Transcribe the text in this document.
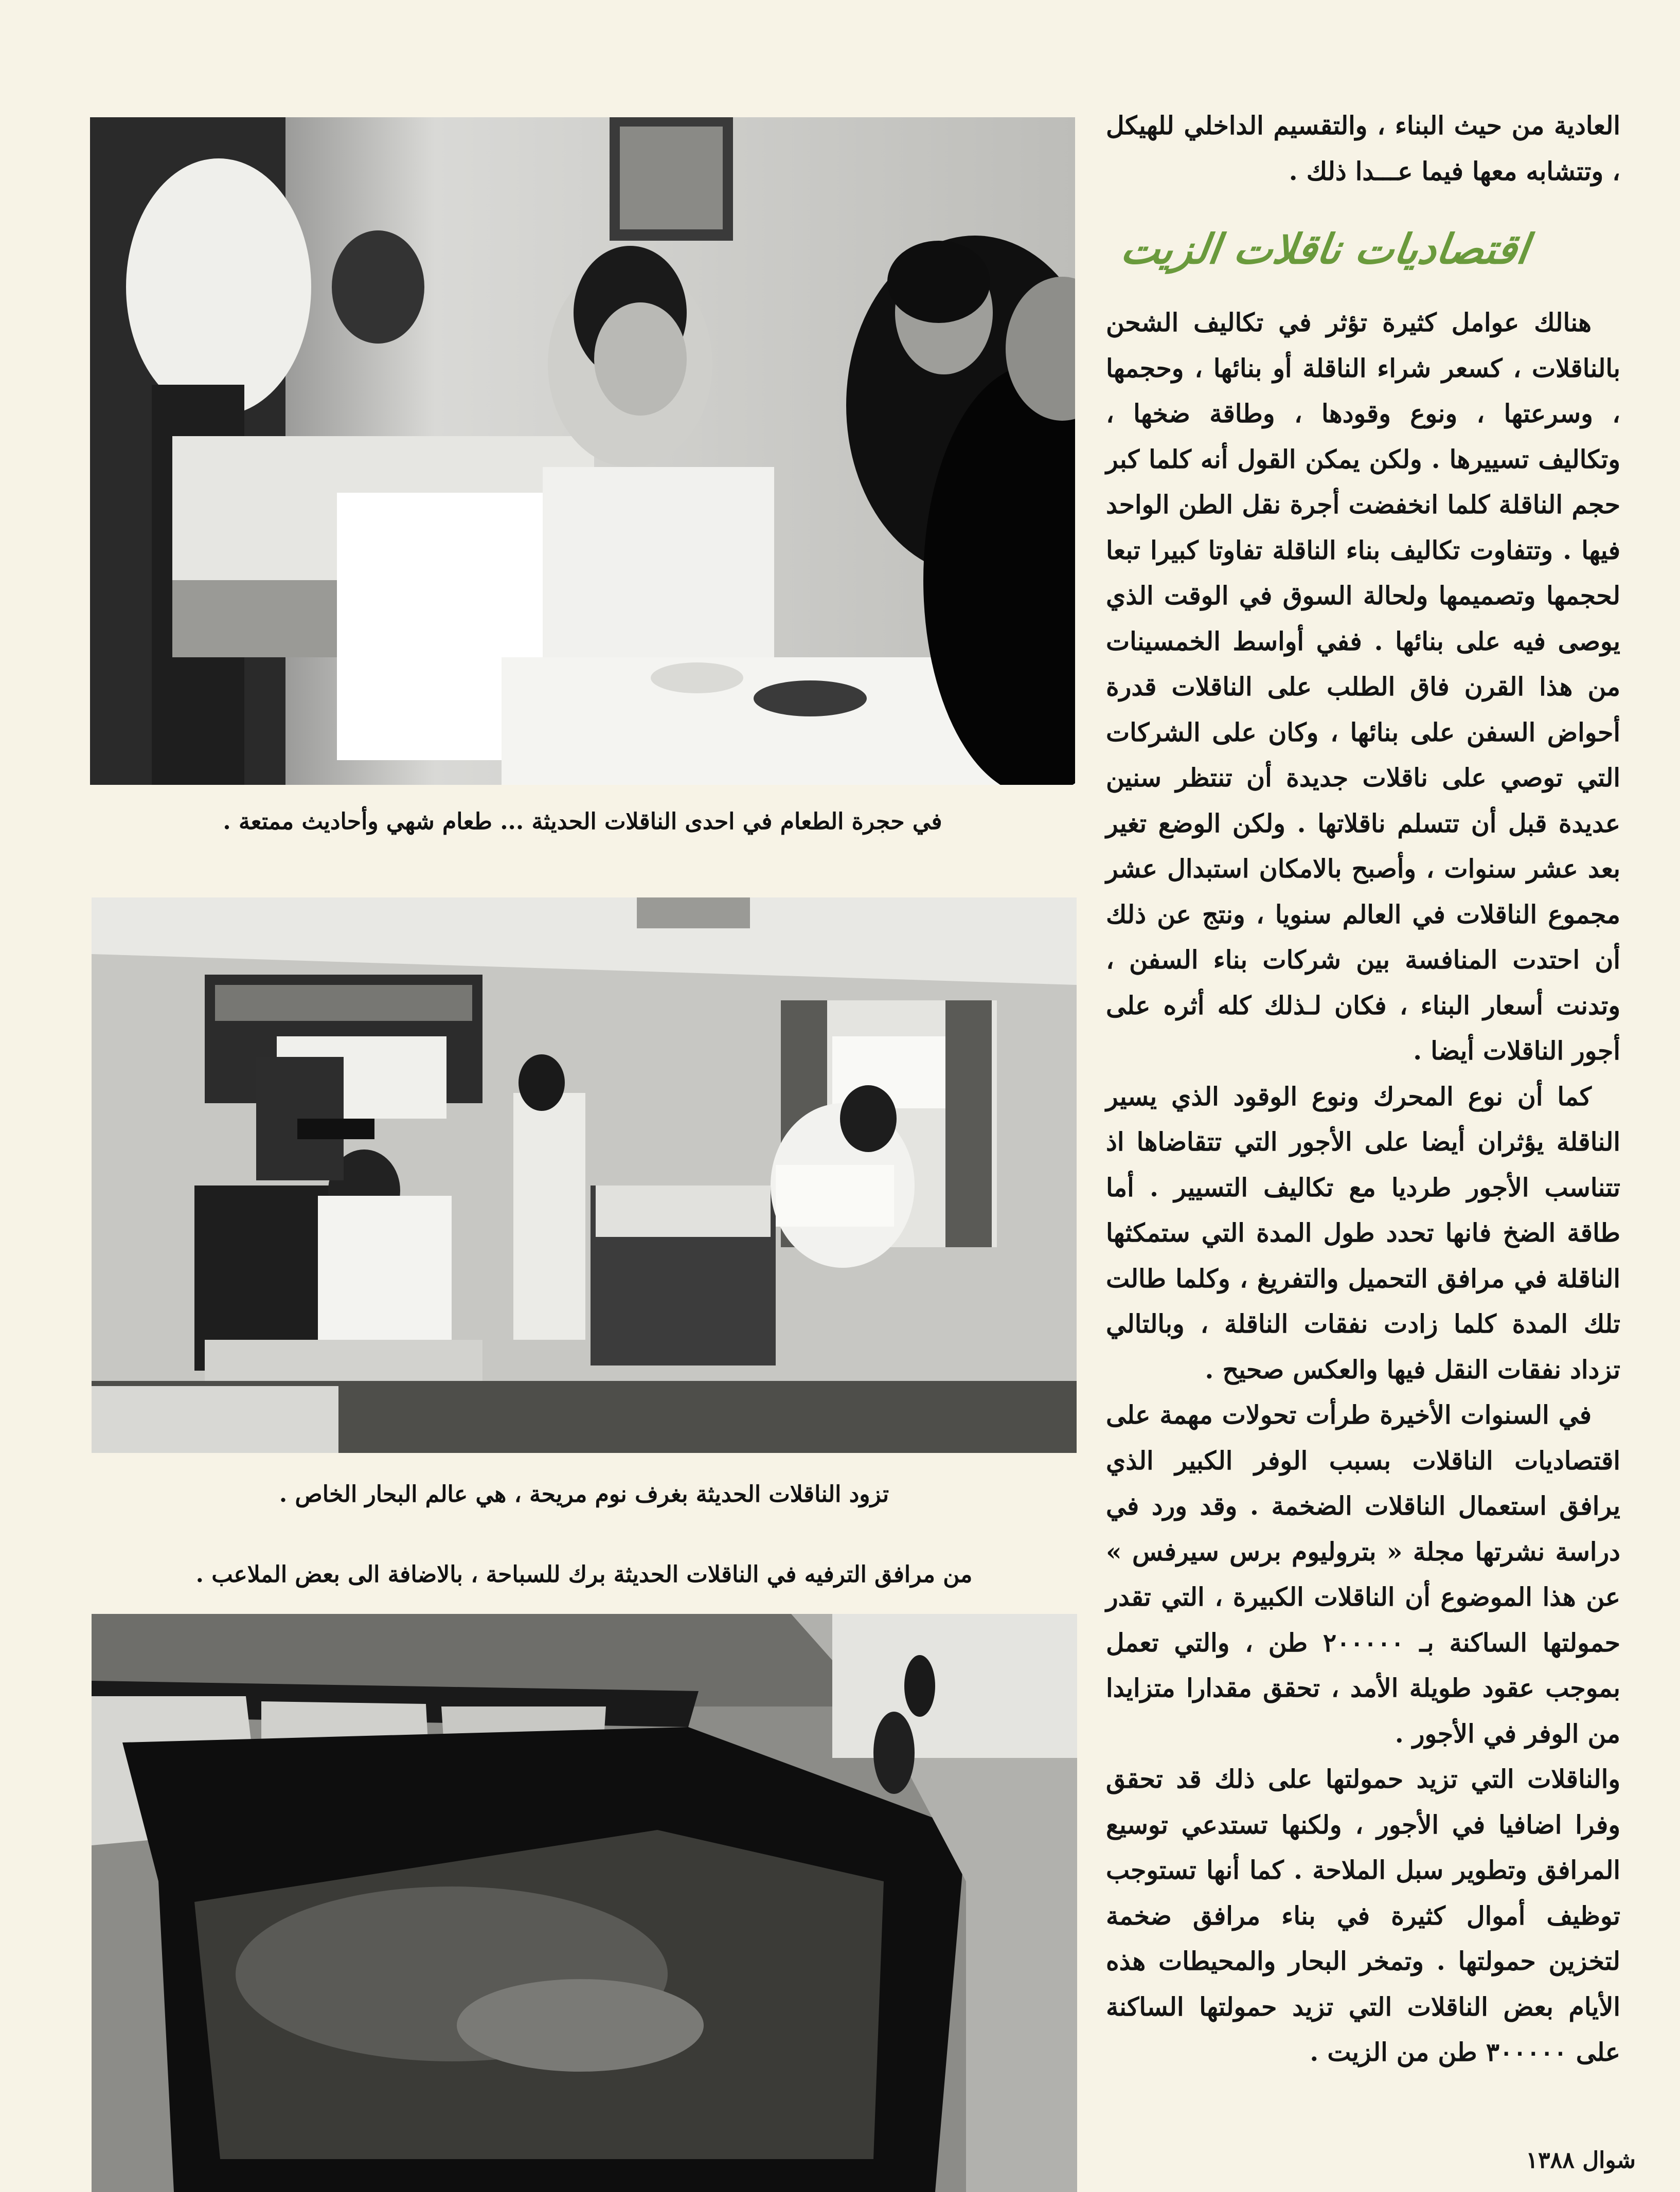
في حجرة الطعام في احدى الناقلات الحديثة ... طعام شهي وأحاديث ممتعة .
تزود الناقلات الحديثة بغرف نوم مريحة ، هي عالم البحار الخاص .
من مرافق الترفيه في الناقلات الحديثة برك للسباحة ، بالاضافة الى بعض الملاعب .

العادية من حيث البناء ، والتقسيم الداخلي للهيكل ، وتتشابه معها فيما عـــدا ذلك .

اقتصاديات ناقلات الزيت

هنالك عوامل كثيرة تؤثر في تكاليف الشحن بالناقلات ، كسعر شراء الناقلة أو بنائها ، وحجمها ، وسرعتها ، ونوع وقودها ، وطاقة ضخها ، وتكاليف تسييرها . ولكن يمكن القول أنه كلما كبر حجم الناقلة كلما انخفضت أجرة نقل الطن الواحد فيها . وتتفاوت تكاليف بناء الناقلة تفاوتا كبيرا تبعا لحجمها وتصميمها ولحالة السوق في الوقت الذي يوصى فيه على بنائها . ففي أواسط الخمسينات من هذا القرن فاق الطلب على الناقلات قدرة أحواض السفن على بنائها ، وكان على الشركات التي توصي على ناقلات جديدة أن تنتظر سنين عديدة قبل أن تتسلم ناقلاتها . ولكن الوضع تغير بعد عشر سنوات ، وأصبح بالامكان استبدال عشر مجموع الناقلات في العالم سنويا ، ونتج عن ذلك أن احتدت المنافسة بين شركات بناء السفن ، وتدنت أسعار البناء ، فكان لـذلك كله أثره على أجور الناقلات أيضا .

كما أن نوع المحرك ونوع الوقود الذي يسير الناقلة يؤثران أيضا على الأجور التي تتقاضاها اذ تتناسب الأجور طرديا مع تكاليف التسيير . أما طاقة الضخ فانها تحدد طول المدة التي ستمكثها الناقلة في مرافق التحميل والتفريغ ، وكلما طالت تلك المدة كلما زادت نفقات الناقلة ، وبالتالي تزداد نفقات النقل فيها والعكس صحيح .

في السنوات الأخيرة طرأت تحولات مهمة على اقتصاديات الناقلات بسبب الوفر الكبير الذي يرافق استعمال الناقلات الضخمة . وقد ورد في دراسة نشرتها مجلة « بتروليوم برس سيرفس » عن هذا الموضوع أن الناقلات الكبيرة ، التي تقدر حمولتها الساكنة بـ ٢٠٠٠٠٠ طن ، والتي تعمل بموجب عقود طويلة الأمد ، تحقق مقدارا متزايدا من الوفر في الأجور .

والناقلات التي تزيد حمولتها على ذلك قد تحقق وفرا اضافيا في الأجور ، ولكنها تستدعي توسيع المرافق وتطوير سبل الملاحة . كما أنها تستوجب توظيف أموال كثيرة في بناء مرافق ضخمة لتخزين حمولتها . وتمخر البحار والمحيطات هذه الأيام بعض الناقلات التي تزيد حمولتها الساكنة على ٣٠٠٠٠٠ طن من الزيت .

شوال ١٣٨٨
